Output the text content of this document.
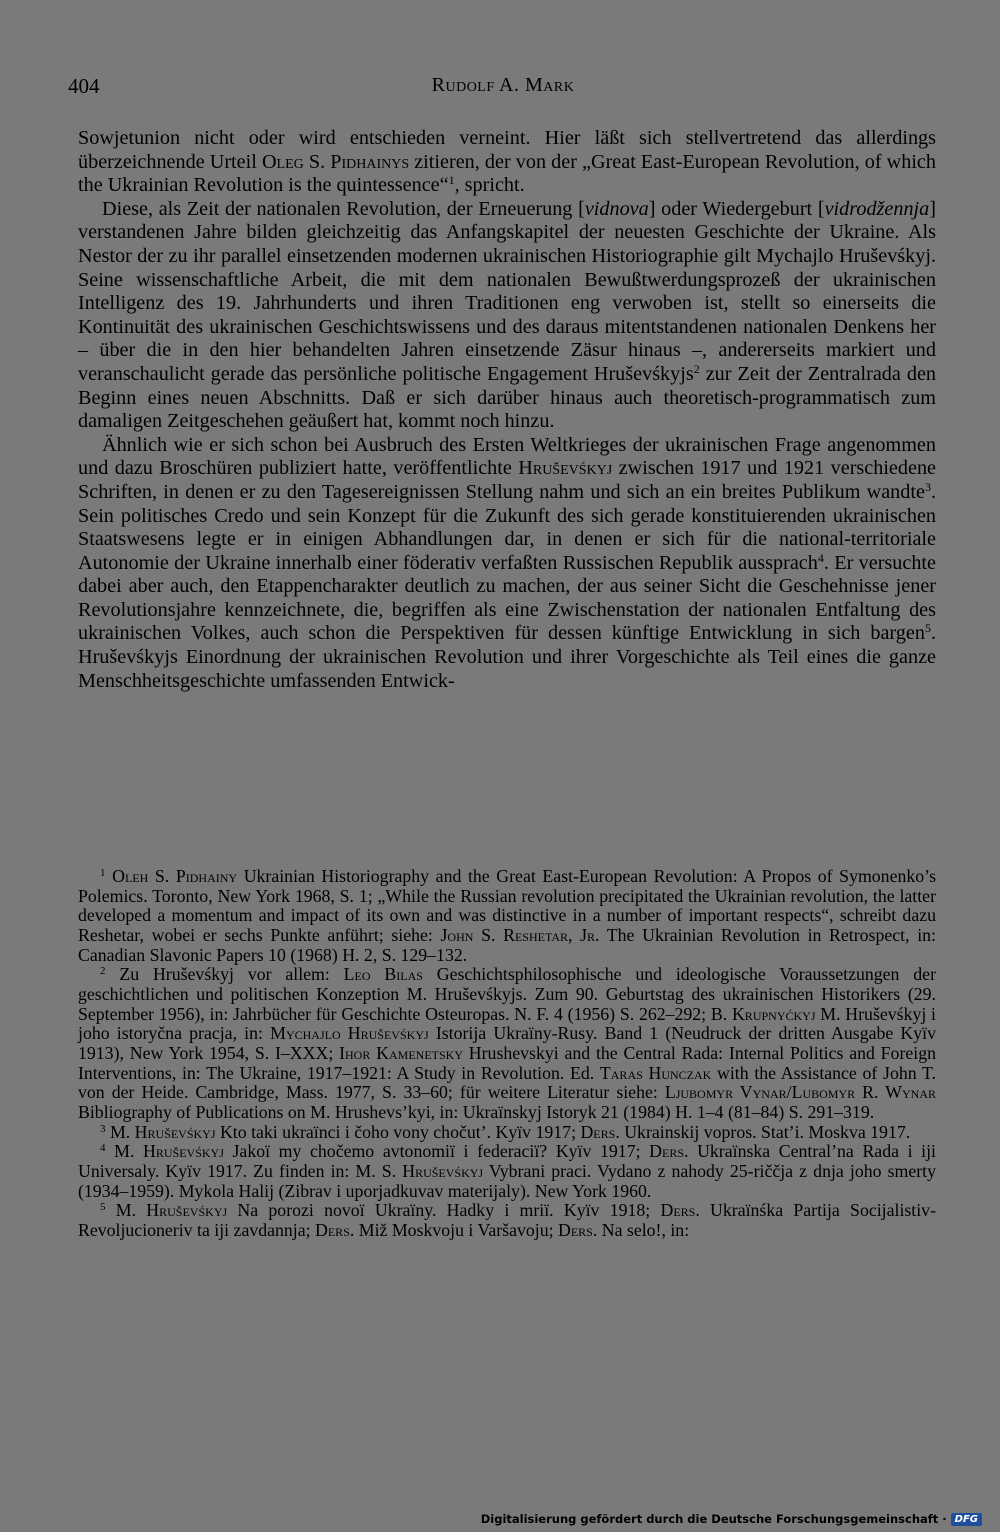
404	Rudolf A. Mark

Sowjetunion nicht oder wird entschieden verneint. Hier läßt sich stellvertretend das allerdings überzeichnende Urteil Oleg S. Pidhainys zitieren, der von der „Great East-European Revolution, of which the Ukrainian Revolution is the quintessence“$^1$, spricht.

Diese, als Zeit der nationalen Revolution, der Erneuerung [vidnova] oder Wiedergeburt [vidrodžennja] verstandenen Jahre bilden gleichzeitig das Anfangskapitel der neuesten Geschichte der Ukraine. Als Nestor der zu ihr parallel einsetzenden modernen ukrainischen Historiographie gilt Mychajlo Hruševśkyj. Seine wissenschaftliche Arbeit, die mit dem nationalen Bewußtwerdungsprozeß der ukrainischen Intelligenz des 19. Jahrhunderts und ihren Traditionen eng verwoben ist, stellt so einerseits die Kontinuität des ukrainischen Geschichtswissens und des daraus mitentstandenen nationalen Denkens her – über die in den hier behandelten Jahren einsetzende Zäsur hinaus –, andererseits markiert und veranschaulicht gerade das persönliche politische Engagement Hruševśkyjs$^2$ zur Zeit der Zentralrada den Beginn eines neuen Abschnitts. Daß er sich darüber hinaus auch theoretisch-programmatisch zum damaligen Zeitgeschehen geäußert hat, kommt noch hinzu.

Ähnlich wie er sich schon bei Ausbruch des Ersten Weltkrieges der ukrainischen Frage angenommen und dazu Broschüren publiziert hatte, veröffentlichte Hruševśkyj zwischen 1917 und 1921 verschiedene Schriften, in denen er zu den Tagesereignissen Stellung nahm und sich an ein breites Publikum wandte$^3$. Sein politisches Credo und sein Konzept für die Zukunft des sich gerade konstituierenden ukrainischen Staatswesens legte er in einigen Abhandlungen dar, in denen er sich für die national-territoriale Autonomie der Ukraine innerhalb einer föderativ verfaßten Russischen Republik aussprach$^4$. Er versuchte dabei aber auch, den Etappencharakter deutlich zu machen, der aus seiner Sicht die Geschehnisse jener Revolutionsjahre kennzeichnete, die, begriffen als eine Zwischenstation der nationalen Entfaltung des ukrainischen Volkes, auch schon die Perspektiven für dessen künftige Entwicklung in sich bargen$^5$. Hruševśkyjs Einordnung der ukrainischen Revolution und ihrer Vorgeschichte als Teil eines die ganze Menschheitsgeschichte umfassenden Entwick-

$^1$ Oleh S. Pidhainy Ukrainian Historiography and the Great East-European Revolution: A Propos of Symonenko’s Polemics. Toronto, New York 1968, S. 1; „While the Russian revolution precipitated the Ukrainian revolution, the latter developed a momentum and impact of its own and was distinctive in a number of important respects“, schreibt dazu Reshetar, wobei er sechs Punkte anführt; siehe: John S. Reshetar, Jr. The Ukrainian Revolution in Retrospect, in: Canadian Slavonic Papers 10 (1968) H. 2, S. 129–132.

$^2$ Zu Hruševśkyj vor allem: Leo Bilas Geschichtsphilosophische und ideologische Voraussetzungen der geschichtlichen und politischen Konzeption M. Hruševśkyjs. Zum 90. Geburtstag des ukrainischen Historikers (29. September 1956), in: Jahrbücher für Geschichte Osteuropas. N. F. 4 (1956) S. 262–292; B. Krupnyćkyj M. Hruševśkyj i joho istoryčna pracja, in: Mychajlo Hruševśkyj Istorija Ukraïny-Rusy. Band 1 (Neudruck der dritten Ausgabe Kyïv 1913), New York 1954, S. I–XXX; Ihor Kamenetsky Hrushevskyi and the Central Rada: Internal Politics and Foreign Interventions, in: The Ukraine, 1917–1921: A Study in Revolution. Ed. Taras Hunczak with the Assistance of John T. von der Heide. Cambridge, Mass. 1977, S. 33–60; für weitere Literatur siehe: Ljubomyr Vynar/Lubomyr R. Wynar Bibliography of Publications on M. Hrushevs’kyi, in: Ukraïnskyj Istoryk 21 (1984) H. 1–4 (81–84) S. 291–319.

$^3$ M. Hruševśkyj Kto taki ukraïnci i čoho vony chočut’. Kyïv 1917; Ders. Ukrainskij vopros. Stat’i. Moskva 1917.

$^4$ M. Hruševśkyj Jakoï my chočemo avtonomiï i federaciï? Kyïv 1917; Ders. Ukraïnska Central’na Rada i iji Universaly. Kyïv 1917. Zu finden in: M. S. Hruševśkyj Vybrani praci. Vydano z nahody 25-riččja z dnja joho smerty (1934–1959). Mykola Halij (Zibrav i uporjadkuvav materijaly). New York 1960.

$^5$ M. Hruševśkyj Na porozi novoï Ukraïny. Hadky i mriï. Kyïv 1918; Ders. Ukraïnśka Partija Socijalistiv-Revoljucioneriv ta iji zavdannja; Ders. Miž Moskvoju i Varšavoju; Ders. Na selo!, in:

Digitalisierung gefördert durch die Deutsche Forschungsgemeinschaft · DFG
